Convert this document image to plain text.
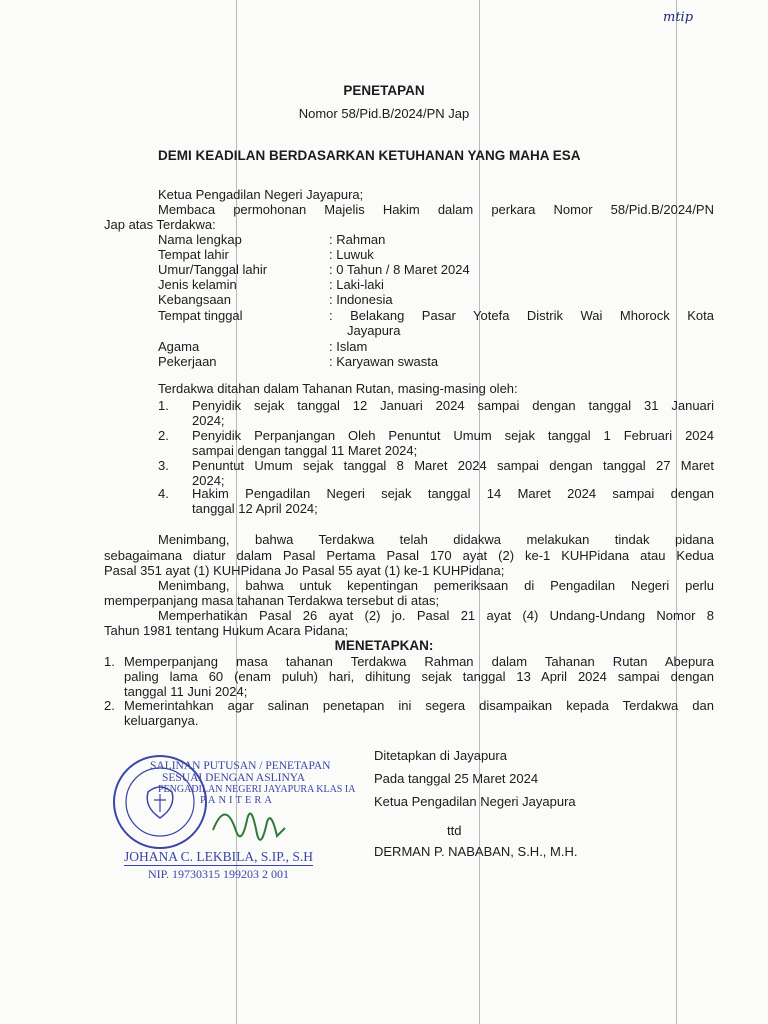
mtip
PENETAPAN
Nomor 58/Pid.B/2024/PN Jap
DEMI KEADILAN BERDASARKAN KETUHANAN YANG MAHA ESA
Ketua Pengadilan Negeri Jayapura;
Membaca permohonan Majelis Hakim dalam perkara Nomor 58/Pid.B/2024/PN
Jap atas Terdakwa:
Nama lengkap	: Rahman
Tempat lahir	: Luwuk
Umur/Tanggal lahir	: 0 Tahun / 8 Maret 2024
Jenis kelamin	: Laki-laki
Kebangsaan	: Indonesia
Tempat tinggal	: Belakang Pasar Yotefa Distrik Wai Mhorock Kota
Jayapura
Agama	: Islam
Pekerjaan	: Karyawan swasta
Terdakwa ditahan dalam Tahanan Rutan, masing-masing oleh:
1. Penyidik sejak tanggal 12 Januari 2024 sampai dengan tanggal 31 Januari
2024;
2. Penyidik Perpanjangan Oleh Penuntut Umum sejak tanggal 1 Februari 2024
sampai dengan tanggal 11 Maret 2024;
3. Penuntut Umum sejak tanggal 8 Maret 2024 sampai dengan tanggal 27 Maret
2024;
4. Hakim Pengadilan Negeri sejak tanggal 14 Maret 2024 sampai dengan
tanggal 12 April 2024;
Menimbang, bahwa Terdakwa telah didakwa melakukan tindak pidana
sebagaimana diatur dalam Pasal Pertama Pasal 170 ayat (2) ke-1 KUHPidana atau Kedua
Pasal 351 ayat (1) KUHPidana Jo Pasal 55 ayat (1) ke-1 KUHPidana;
Menimbang, bahwa untuk kepentingan pemeriksaan di Pengadilan Negeri perlu
memperpanjang masa tahanan Terdakwa tersebut di atas;
Memperhatikan Pasal 26 ayat (2) jo. Pasal 21 ayat (4) Undang-Undang Nomor 8
Tahun 1981 tentang Hukum Acara Pidana;
MENETAPKAN:
1. Memperpanjang masa tahanan Terdakwa Rahman dalam Tahanan Rutan Abepura
paling lama 60 (enam puluh) hari, dihitung sejak tanggal 13 April 2024 sampai dengan
tanggal 11 Juni 2024;
2. Memerintahkan agar salinan penetapan ini segera disampaikan kepada Terdakwa dan
keluarganya.
Ditetapkan di Jayapura
Pada tanggal 25 Maret 2024
Ketua Pengadilan Negeri Jayapura
ttd
DERMAN P. NABABAN, S.H., M.H.
SALINAN PUTUSAN / PENETAPAN
SESUAI DENGAN ASLINYA
PENGADILAN NEGERI JAYAPURA KLAS IA
PANITERA
JOHANA C. LEKBILA, S.IP., S.H
NIP. 19730315 199203 2 001
